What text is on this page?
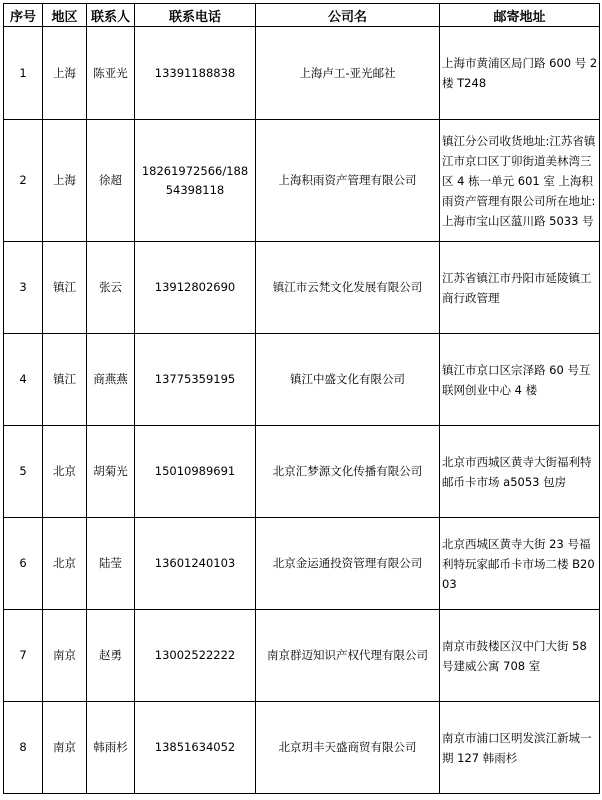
序号	地区	联系人	联系电话	公司名	邮寄地址
1	上海	陈亚光	13391188838	上海卢工-亚光邮社	上海市黄浦区局门路 600 号 2 楼 T248
2	上海	徐超	18261972566/18854398118	上海积雨资产管理有限公司	镇江分公司收货地址:江苏省镇江市京口区丁卯街道美林湾三区 4 栋一单元 601 室 上海积雨资产管理有限公司所在地址:上海市宝山区蕰川路 5033 号
3	镇江	张云	13912802690	镇江市云梵文化发展有限公司	江苏省镇江市丹阳市延陵镇工商行政管理
4	镇江	商燕燕	13775359195	镇江中盛文化有限公司	镇江市京口区宗泽路 60 号互联网创业中心 4 楼
5	北京	胡菊光	15010989691	北京汇梦源文化传播有限公司	北京市西城区黄寺大街福利特邮币卡市场 a5053 包房
6	北京	陆莹	13601240103	北京金运通投资管理有限公司	北京西城区黄寺大街 23 号福利特玩家邮币卡市场二楼 B2003
7	南京	赵勇	13002522222	南京群迈知识产权代理有限公司	南京市鼓楼区汉中门大街 58 号建威公寓 708 室
8	南京	韩雨杉	13851634052	北京玥丰天盛商贸有限公司	南京市浦口区明发滨江新城一期 127 韩雨杉
